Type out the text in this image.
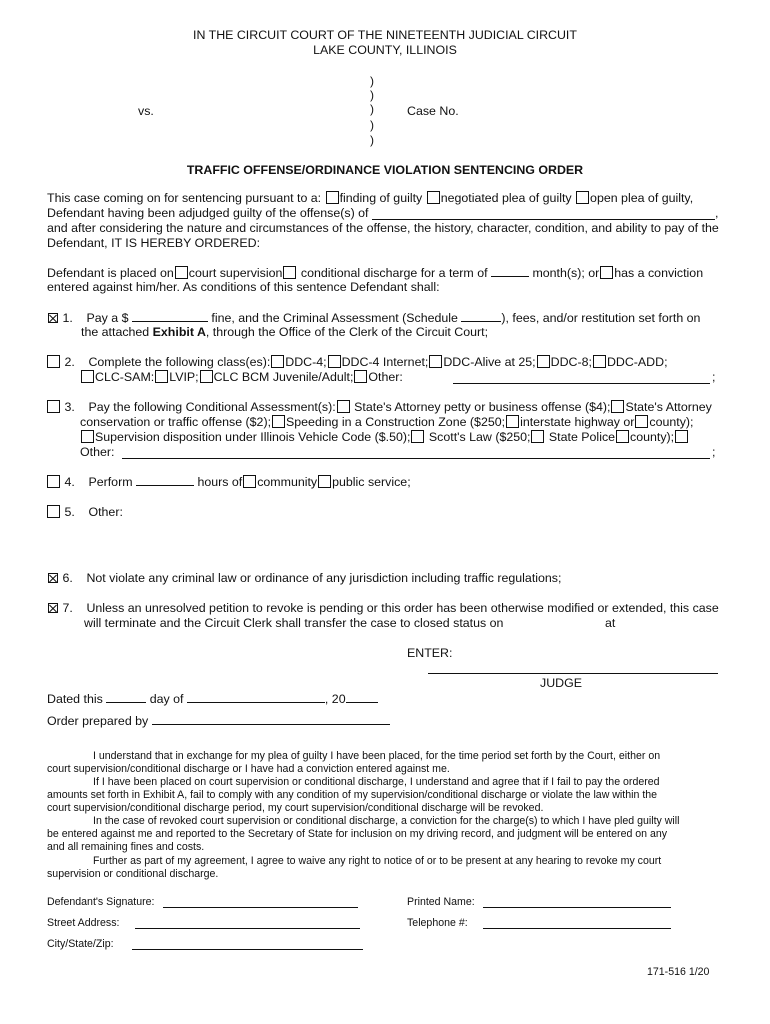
IN THE CIRCUIT COURT OF THE NINETEENTH JUDICIAL CIRCUIT
LAKE COUNTY, ILLINOIS
)
)
)
)
)
vs.	Case No.
TRAFFIC OFFENSE/ORDINANCE VIOLATION SENTENCING ORDER
This case coming on for sentencing pursuant to a: finding of guilty negotiated plea of guilty open plea of guilty,
Defendant having been adjudged guilty of the offense(s) of	,
and after considering the nature and circumstances of the offense, the history, character, condition, and ability to pay of the
Defendant, IT IS HEREBY ORDERED:
Defendant is placed on court supervision conditional discharge for a term of	month(s); or has a conviction
entered against him/her. As conditions of this sentence Defendant shall:
1. Pay a $	fine, and the Criminal Assessment (Schedule	), fees, and/or restitution set forth on
the attached Exhibit A, through the Office of the Clerk of the Circuit Court;
2. Complete the following class(es): DDC-4; DDC-4 Internet; DDC-Alive at 25; DDC-8; DDC-ADD;
CLC-SAM: LVIP; CLC BCM Juvenile/Adult; Other:	;
3. Pay the following Conditional Assessment(s): State's Attorney petty or business offense ($4); State's Attorney
conservation or traffic offense ($2); Speeding in a Construction Zone ($250; interstate highway or county);
Supervision disposition under Illinois Vehicle Code ($.50); Scott's Law ($250; State Police county);
Other:	;
4. Perform	hours of community public service;
5. Other:
6. Not violate any criminal law or ordinance of any jurisdiction including traffic regulations;
7. Unless an unresolved petition to revoke is pending or this order has been otherwise modified or extended, this case
will terminate and the Circuit Clerk shall transfer the case to closed status on	at
ENTER:
JUDGE
Dated this	day of	, 20
Order prepared by
I understand that in exchange for my plea of guilty I have been placed, for the time period set forth by the Court, either on
court supervision/conditional discharge or I have had a conviction entered against me.
If I have been placed on court supervision or conditional discharge, I understand and agree that if I fail to pay the ordered
amounts set forth in Exhibit A, fail to comply with any condition of my supervision/conditional discharge or violate the law within the
court supervision/conditional discharge period, my court supervision/conditional discharge will be revoked.
In the case of revoked court supervision or conditional discharge, a conviction for the charge(s) to which I have pled guilty will
be entered against me and reported to the Secretary of State for inclusion on my driving record, and judgment will be entered on any
and all remaining fines and costs.
Further as part of my agreement, I agree to waive any right to notice of or to be present at any hearing to revoke my court
supervision or conditional discharge.
Defendant's Signature:	Printed Name:
Street Address:	Telephone #:
City/State/Zip:
171-516 1/20
